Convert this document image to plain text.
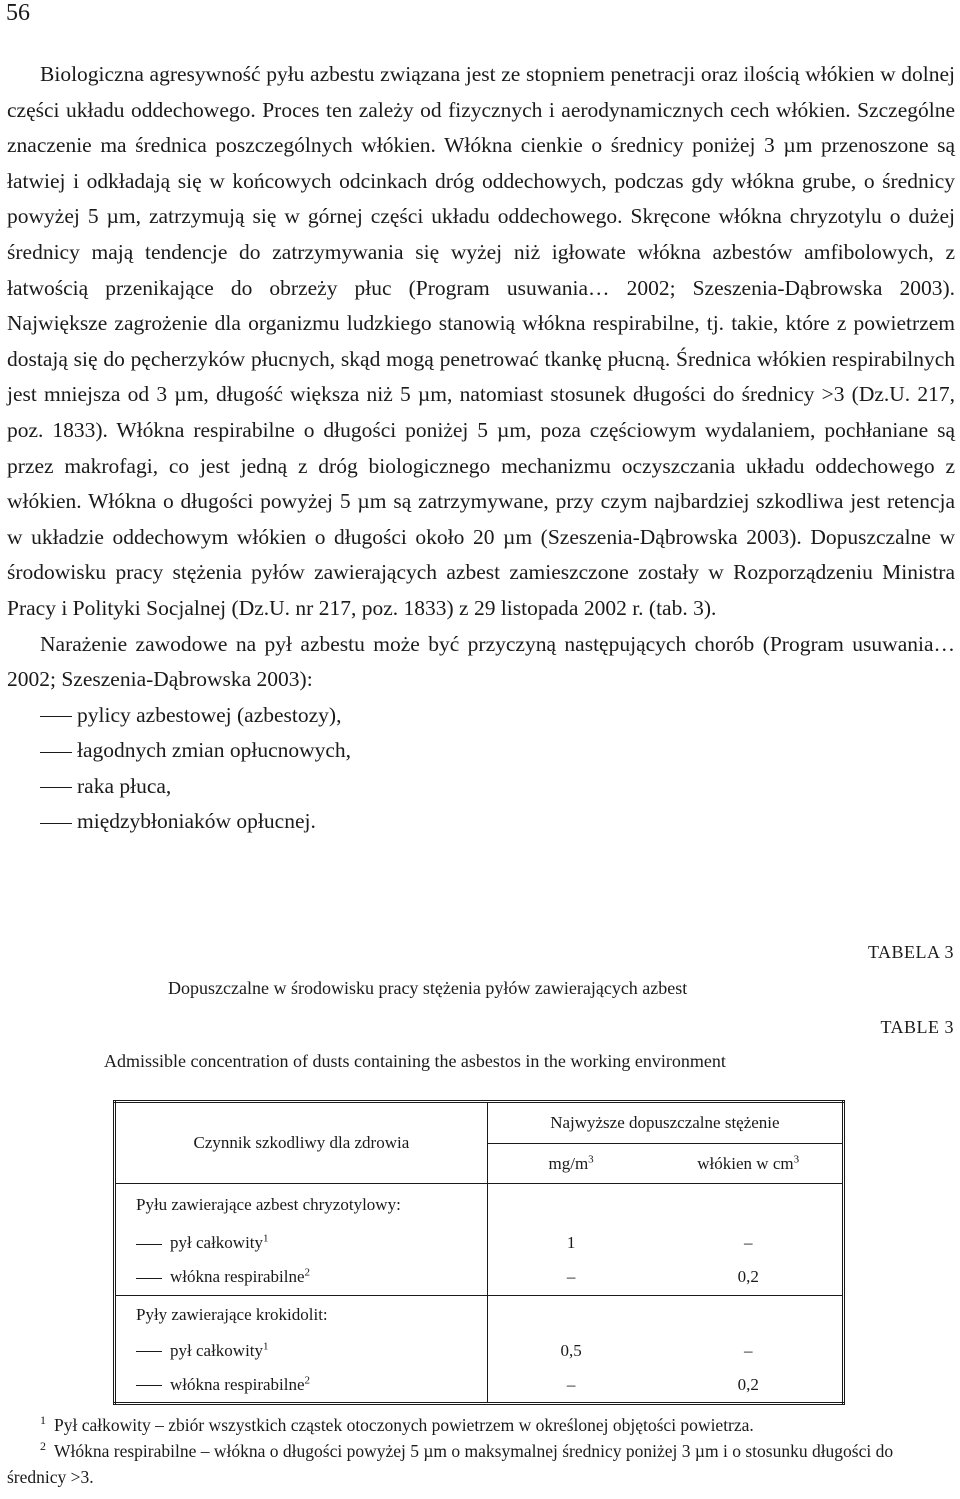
56

Biologiczna agresywność pyłu azbestu związana jest ze stopniem penetracji oraz ilością włókien w dolnej części układu oddechowego. Proces ten zależy od fizycznych i aerodynamicznych cech włókien. Szczególne znaczenie ma średnica poszczególnych włókien. Włókna cienkie o średnicy poniżej 3 µm przenoszone są łatwiej i odkładają się w końcowych odcinkach dróg oddechowych, podczas gdy włókna grube, o średnicy powyżej 5 µm, zatrzymują się w górnej części układu oddechowego. Skręcone włókna chryzotylu o dużej średnicy mają tendencje do zatrzymywania się wyżej niż igłowate włókna azbestów amfibolowych, z łatwością przenikające do obrzeży płuc (Program usuwania… 2002; Szeszenia-Dąbrowska 2003). Największe zagrożenie dla organizmu ludzkiego stanowią włókna respirabilne, tj. takie, które z powietrzem dostają się do pęcherzyków płucnych, skąd mogą penetrować tkankę płucną. Średnica włókien respirabilnych jest mniejsza od 3 µm, długość większa niż 5 µm, natomiast stosunek długości do średnicy >3 (Dz.U. 217, poz. 1833). Włókna respirabilne o długości poniżej 5 µm, poza częściowym wydalaniem, pochłaniane są przez makrofagi, co jest jedną z dróg biologicznego mechanizmu oczyszczania układu oddechowego z włókien. Włókna o długości powyżej 5 µm są zatrzymywane, przy czym najbardziej szkodliwa jest retencja w układzie oddechowym włókien o długości około 20 µm (Szeszenia-Dąbrowska 2003). Dopuszczalne w środowisku pracy stężenia pyłów zawierających azbest zamieszczone zostały w Rozporządzeniu Ministra Pracy i Polityki Socjalnej (Dz.U. nr 217, poz. 1833) z 29 listopada 2002 r. (tab. 3).

Narażenie zawodowe na pył azbestu może być przyczyną następujących chorób (Program usuwania… 2002; Szeszenia-Dąbrowska 2003):

pylicy azbestowej (azbestozy),
łagodnych zmian opłucnowych,
raka płuca,
międzybłoniaków opłucnej.
TABELA 3
Dopuszczalne w środowisku pracy stężenia pyłów zawierających azbest
TABLE 3
Admissible concentration of dusts containing the asbestos in the working environment
Czynnik szkodliwy dla zdrowia	Najwyższe dopuszczalne stężenie	
	$mg/m^3$	włókien w $cm^3$
Pyłu zawierające azbest chryzotylowy:		
pył całkowity$^1$	1	–
włókna respirabilne$^2$	–	0,2
Pyły zawierające krokidolit:		
pył całkowity$^1$	0,5	–
włókna respirabilne$^2$	–	0,2

$^1$ Pył całkowity – zbiór wszystkich cząstek otoczonych powietrzem w określonej objętości powietrza.

$^2$ Włókna respirabilne – włókna o długości powyżej 5 µm o maksymalnej średnicy poniżej 3 µm i o stosunku długości do średnicy >3.
